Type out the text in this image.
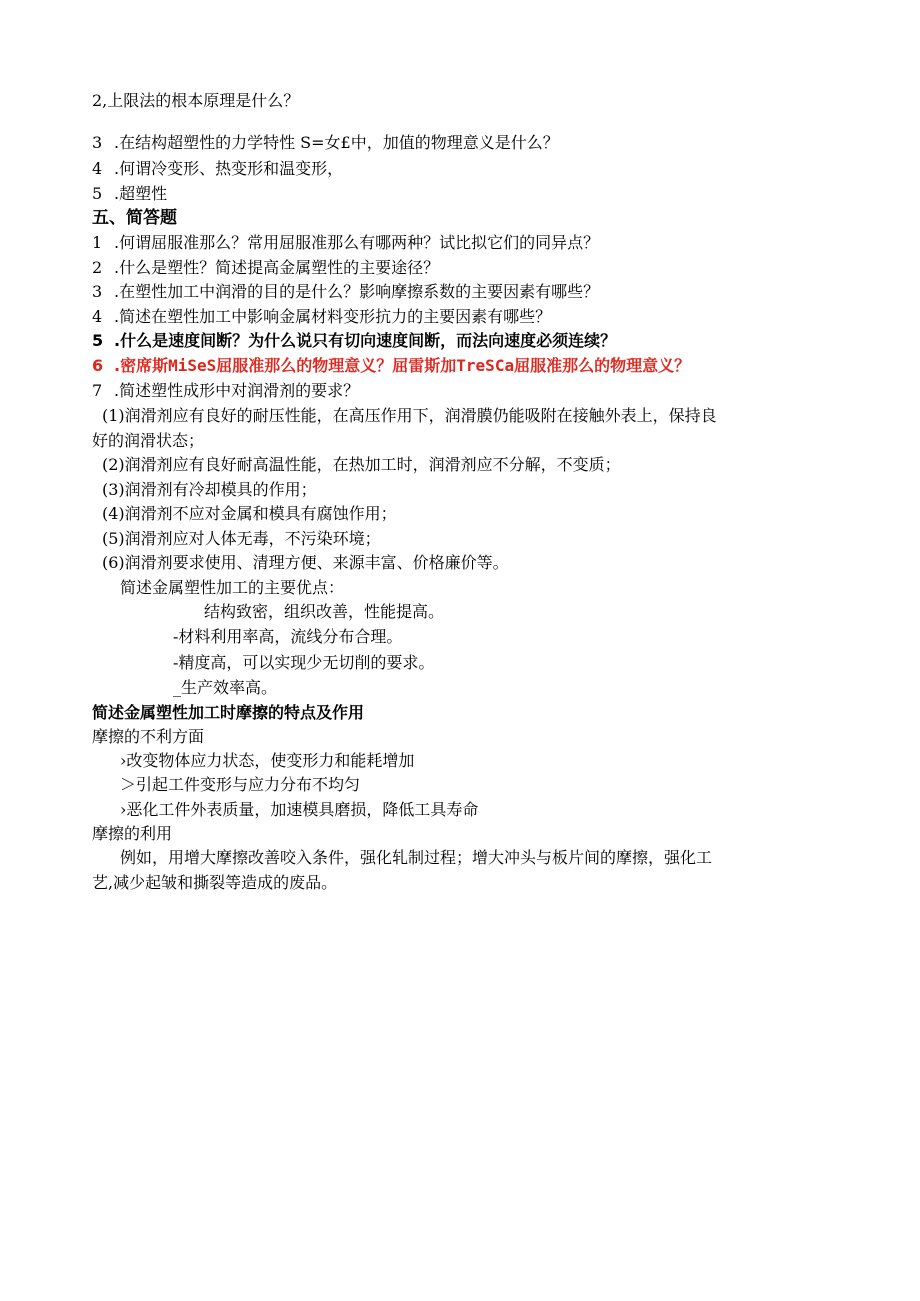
2,上限法的根本原理是什么？
3 .在结构超塑性的力学特性 S=女£中，加值的物理意义是什么？
4 .何谓冷变形、热变形和温变形，
5 .超塑性
五、简答题
1 .何谓屈服准那么？常用屈服准那么有哪两种？试比拟它们的同异点？
2 .什么是塑性？简述提高金属塑性的主要途径？
3 .在塑性加工中润滑的目的是什么？影响摩擦系数的主要因素有哪些？
4 .简述在塑性加工中影响金属材料变形抗力的主要因素有哪些？
5 .什么是速度间断？为什么说只有切向速度间断，而法向速度必须连续？
6 .密席斯MiSeS屈服准那么的物理意义？屈雷斯加TreSCa屈服准那么的物理意义？
7 .简述塑性成形中对润滑剂的要求？
(1)润滑剂应有良好的耐压性能，在高压作用下，润滑膜仍能吸附在接触外表上，保持良
好的润滑状态；
(2)润滑剂应有良好耐高温性能，在热加工时，润滑剂应不分解，不变质；
(3)润滑剂有冷却模具的作用；
(4)润滑剂不应对金属和模具有腐蚀作用；
(5)润滑剂应对人体无毒，不污染环境；
(6)润滑剂要求使用、清理方便、来源丰富、价格廉价等。
简述金属塑性加工的主要优点：
结构致密，组织改善，性能提高。
-材料利用率高，流线分布合理。
-精度高，可以实现少无切削的要求。
_生产效率高。
简述金属塑性加工时摩擦的特点及作用
摩擦的不利方面
›改变物体应力状态，使变形力和能耗增加
＞引起工件变形与应力分布不均匀
›恶化工件外表质量，加速模具磨损，降低工具寿命
摩擦的利用
例如，用增大摩擦改善咬入条件，强化轧制过程；增大冲头与板片间的摩擦，强化工
艺,减少起皱和撕裂等造成的废品。
